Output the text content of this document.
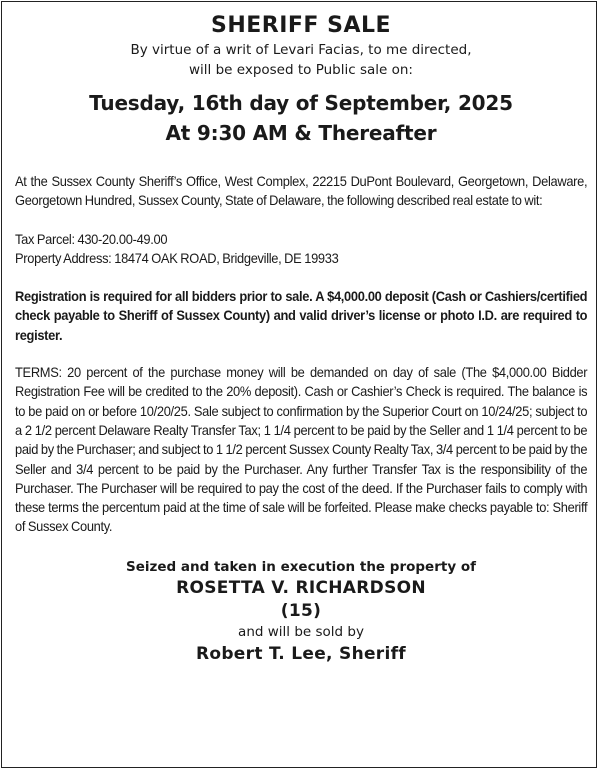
SHERIFF SALE
By virtue of a writ of Levari Facias, to me directed,
will be exposed to Public sale on:
Tuesday, 16th day of September, 2025
At 9:30 AM & Thereafter
At the Sussex County Sheriff’s Office, West Complex, 22215 DuPont Boulevard, Georgetown, Delaware, Georgetown Hundred, Sussex County, State of Delaware, the following described real estate to wit:
Tax Parcel: 430-20.00-49.00
Property Address: 18474 OAK ROAD, Bridgeville, DE 19933
Registration is required for all bidders prior to sale. A $4,000.00 deposit (Cash or Cashiers/certified check payable to Sheriff of Sussex County) and valid driver’s license or photo I.D. are required to register.
TERMS: 20 percent of the purchase money will be demanded on day of sale (The $4,000.00 Bidder Registration Fee will be credited to the 20% deposit). Cash or Cashier’s Check is required. The balance is to be paid on or before 10/20/25. Sale subject to confirmation by the Superior Court on 10/24/25; subject to a 2 1/2 percent Delaware Realty Transfer Tax; 1 1/4 percent to be paid by the Seller and 1 1/4 percent to be paid by the Purchaser; and subject to 1 1/2 percent Sussex County Realty Tax, 3/4 percent to be paid by the Seller and 3/4 percent to be paid by the Purchaser. Any further Transfer Tax is the responsibility of the Purchaser. The Purchaser will be required to pay the cost of the deed. If the Purchaser fails to comply with these terms the percentum paid at the time of sale will be forfeited. Please make checks payable to: Sheriff of Sussex County.
Seized and taken in execution the property of
ROSETTA V. RICHARDSON
(15)
and will be sold by
Robert T. Lee, Sheriff
